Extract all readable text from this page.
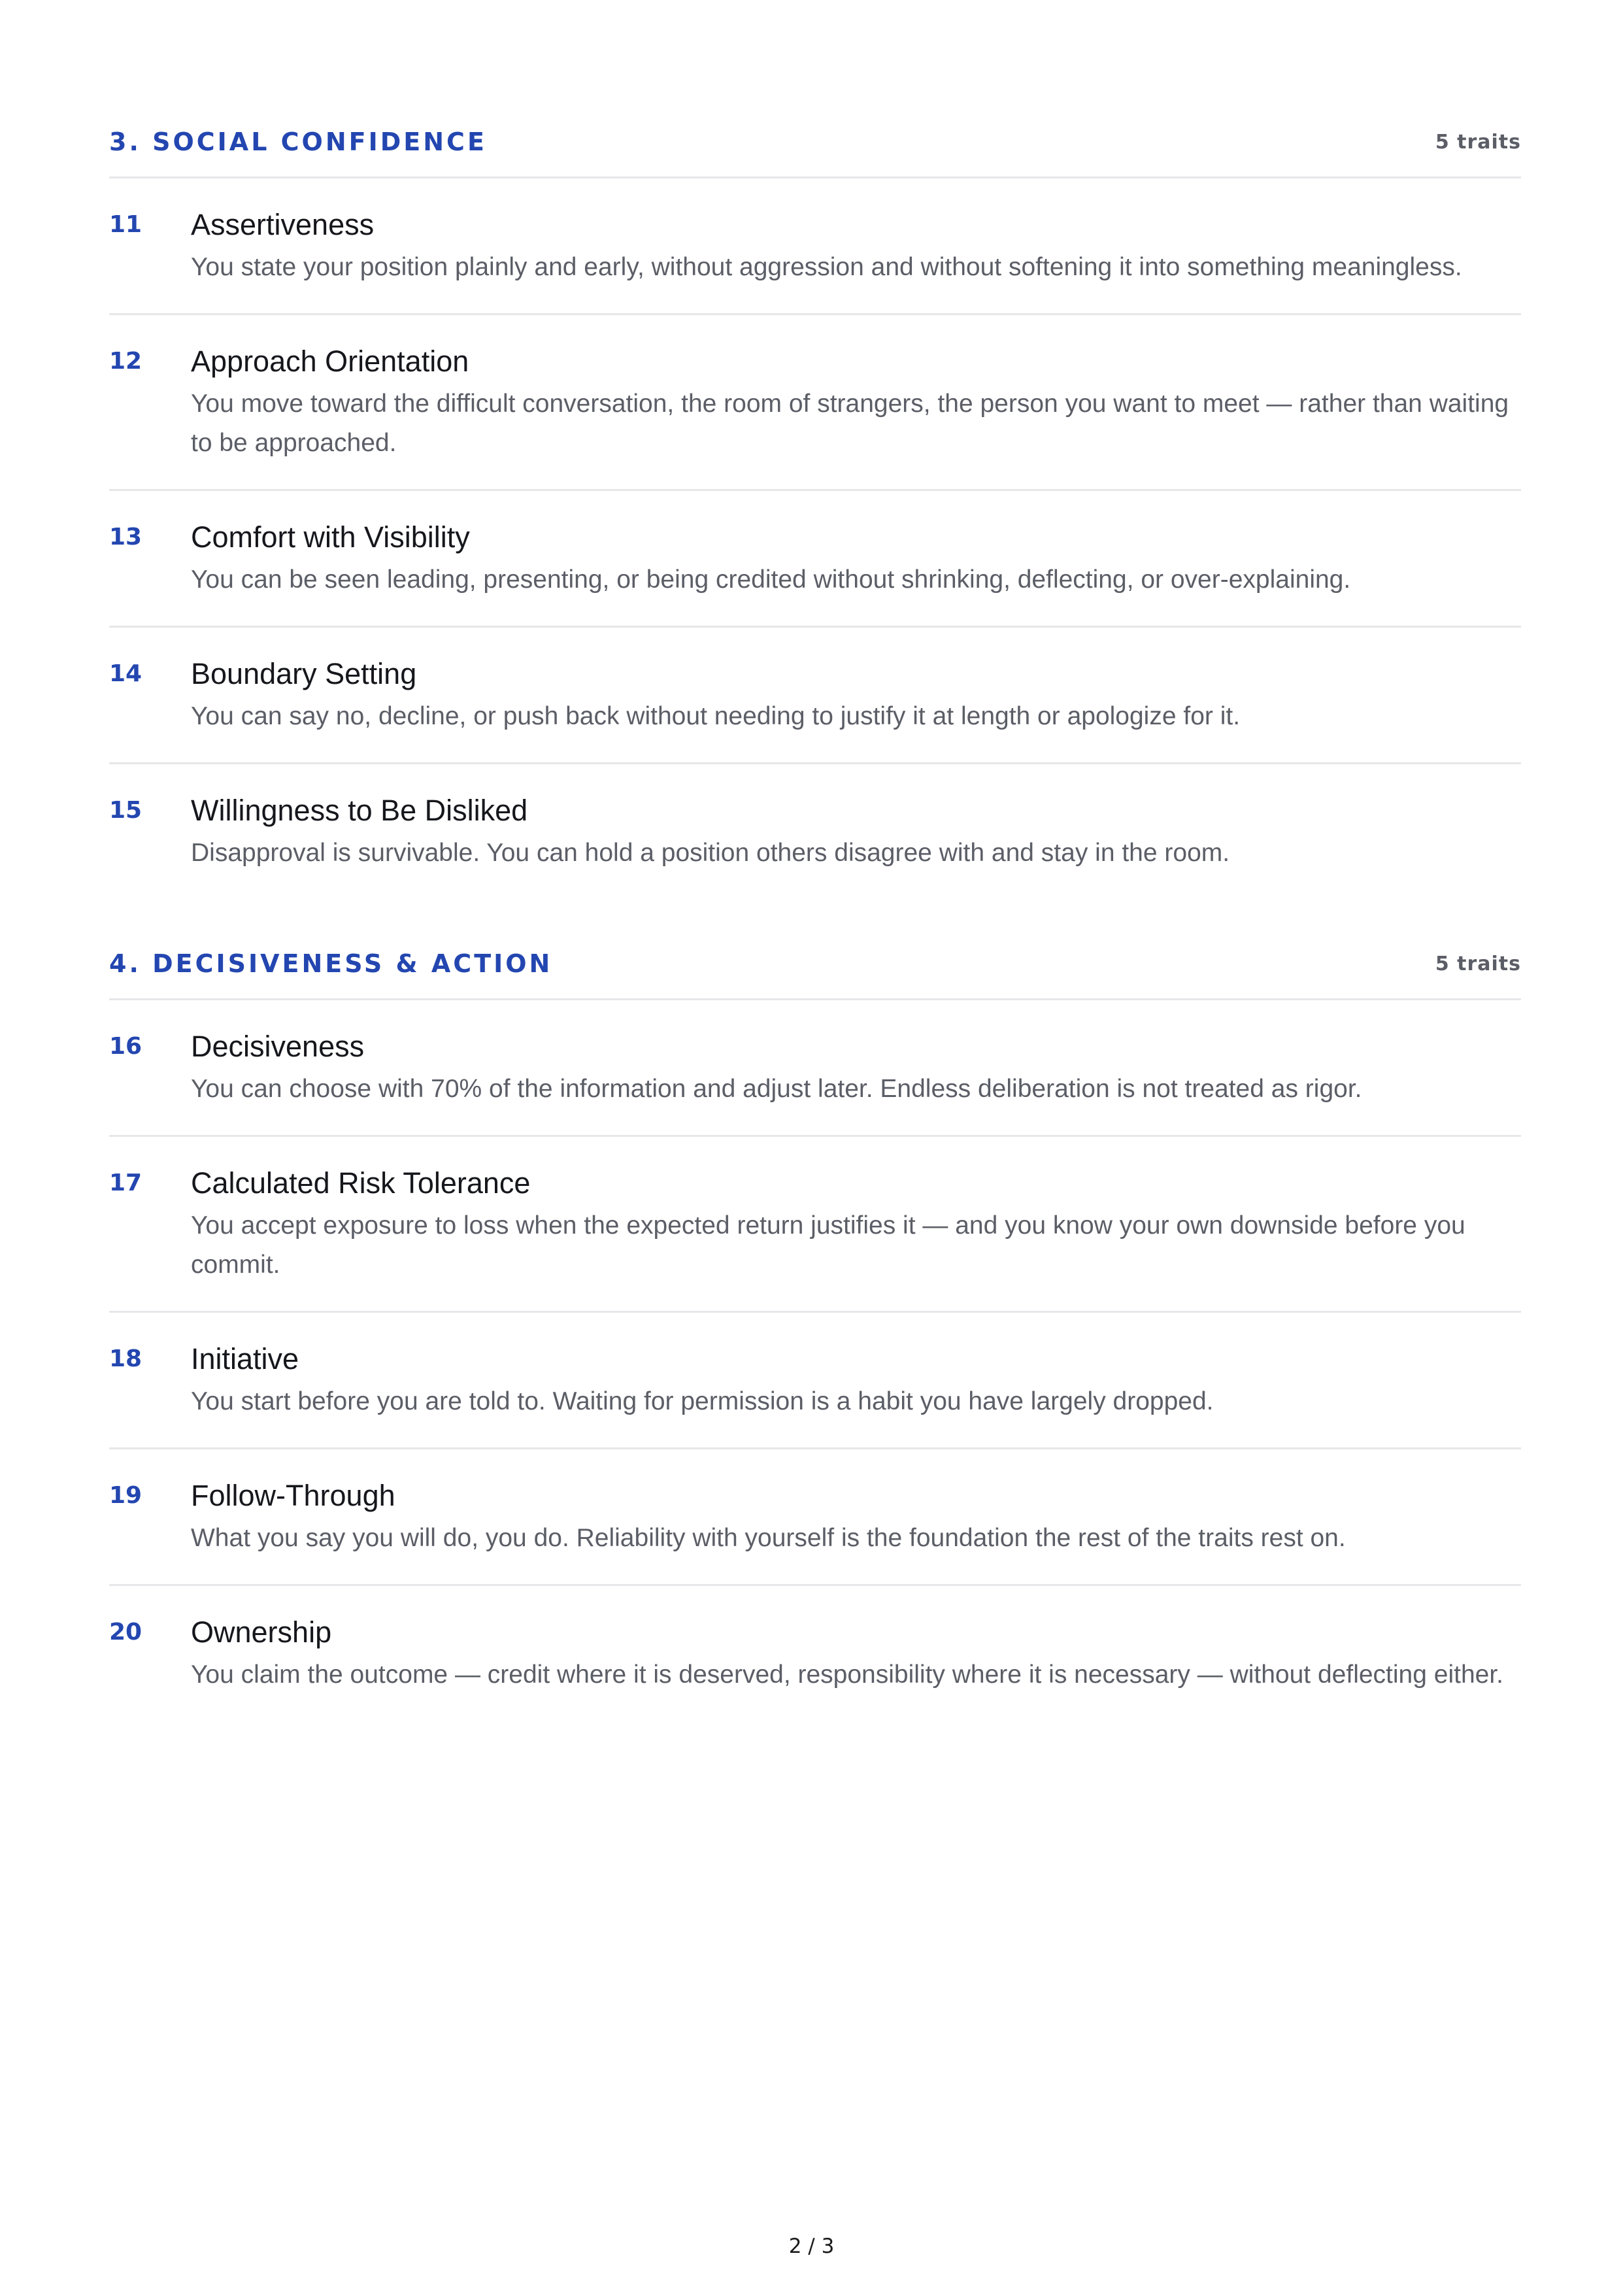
3. SOCIAL CONFIDENCE	5 traits
11	Assertiveness
You state your position plainly and early, without aggression and without softening it into something meaningless.
12	Approach Orientation
You move toward the difficult conversation, the room of strangers, the person you want to meet — rather than waiting to be approached.
13	Comfort with Visibility
You can be seen leading, presenting, or being credited without shrinking, deflecting, or over-explaining.
14	Boundary Setting
You can say no, decline, or push back without needing to justify it at length or apologize for it.
15	Willingness to Be Disliked
Disapproval is survivable. You can hold a position others disagree with and stay in the room.
4. DECISIVENESS & ACTION	5 traits
16	Decisiveness
You can choose with 70% of the information and adjust later. Endless deliberation is not treated as rigor.
17	Calculated Risk Tolerance
You accept exposure to loss when the expected return justifies it — and you know your own downside before you commit.
18	Initiative
You start before you are told to. Waiting for permission is a habit you have largely dropped.
19	Follow-Through
What you say you will do, you do. Reliability with yourself is the foundation the rest of the traits rest on.
20	Ownership
You claim the outcome — credit where it is deserved, responsibility where it is necessary — without deflecting either.
2 / 3
